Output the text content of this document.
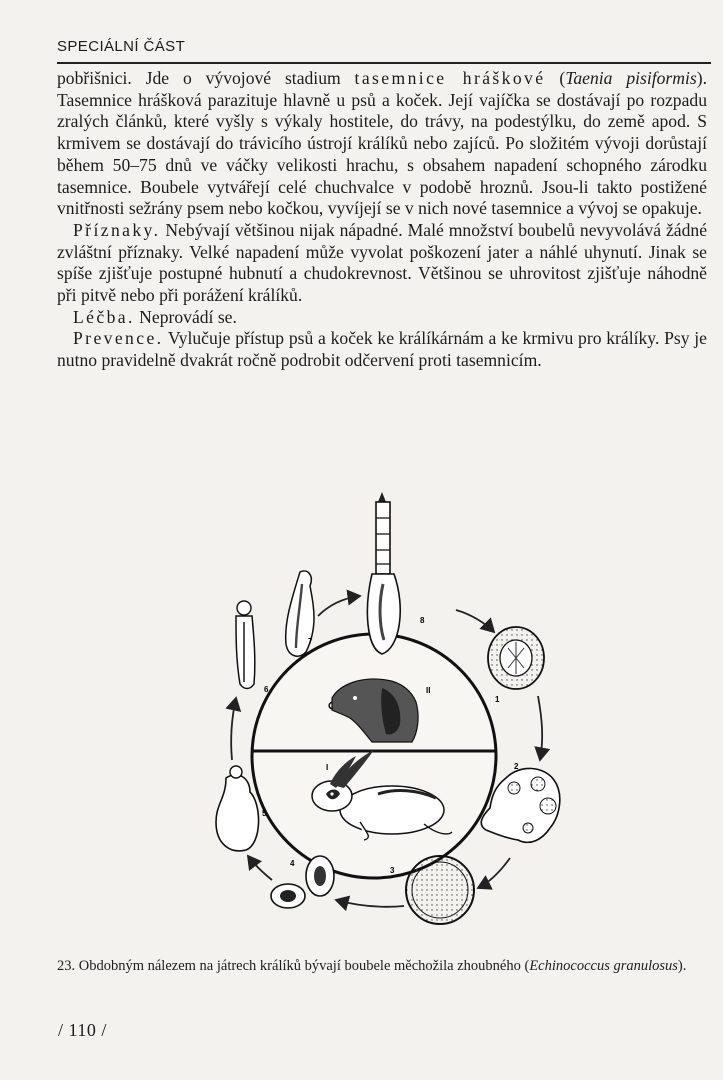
SPECIÁLNÍ ČÁST

pobřišnici. Jde o vývojové stadium tasemnice hráškové (Taenia pisiformis). Tasemnice hrášková parazituje hlavně u psů a koček. Její vajíčka se dostávají po rozpadu zralých článků, které vyšly s výkaly hostitele, do trávy, na podestýlku, do země apod. S krmivem se dostávají do trávicího ústrojí králíků nebo zajíců. Po složitém vývoji dorůstají během 50–75 dnů ve váčky velikosti hrachu, s obsahem napadení schopného zárodku tasemnice. Boubele vytvářejí celé chuchvalce v podobě hroznů. Jsou-li takto postižené vnitřnosti sežrány psem nebo kočkou, vyvíjejí se v nich nové tasemnice a vývoj se opakuje.

Příznaky. Nebývají většinou nijak nápadné. Malé množství boubelů nevyvolává žádné zvláštní příznaky. Velké napadení může vyvolat poškození jater a náhlé uhynutí. Jinak se spíše zjišťuje postupné hubnutí a chudokrevnost. Většinou se uhrovitost zjišťuje náhodně při pitvě nebo při porážení králíků.

Léčba. Neprovádí se.

Prevence. Vylučuje přístup psů a koček ke králíkárnám a ke krmivu pro králíky. Psy je nutno pravidelně dvakrát ročně podrobit odčervení proti tasemnicím.

II
I
8
1
2
3
4
5
6
7
23. Obdobným nálezem na játrech králíků bývají boubele měchožila zhoubného (Echinococcus granulosus).
/ 110 /
